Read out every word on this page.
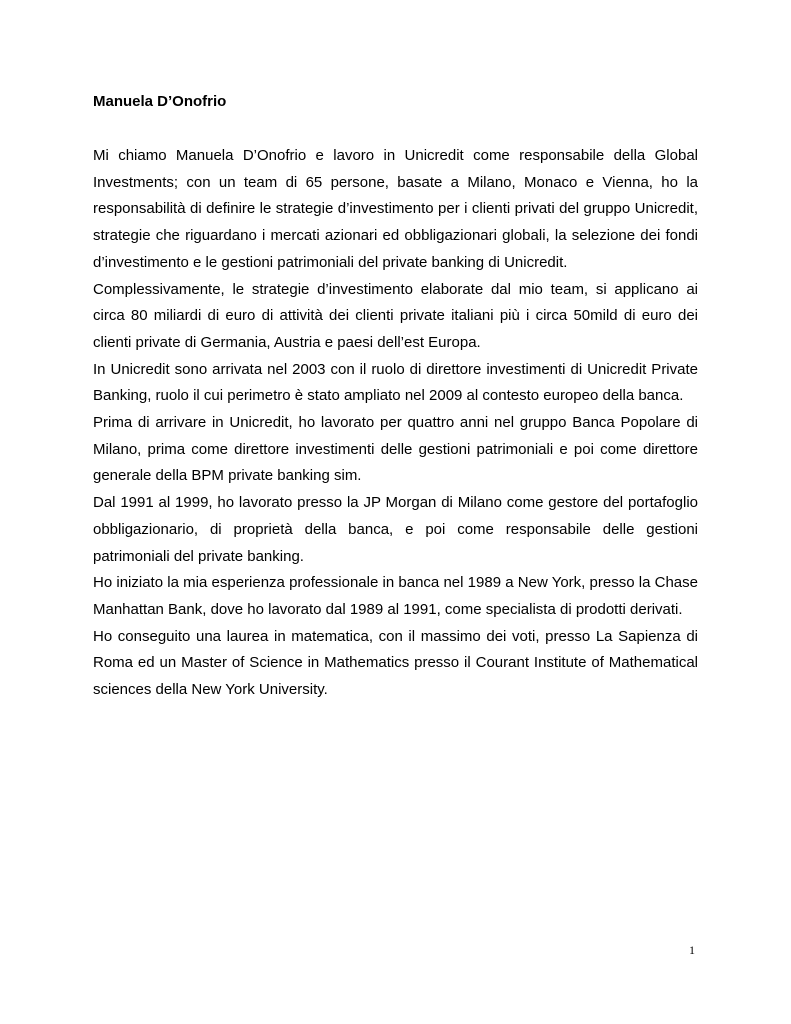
Manuela D’Onofrio

Mi chiamo Manuela D’Onofrio e lavoro in Unicredit come responsabile della Global Investments; con un team di 65 persone, basate a Milano, Monaco e Vienna, ho la responsabilità di definire le strategie d’investimento per i clienti privati del gruppo Unicredit, strategie che riguardano i mercati azionari ed obbligazionari globali, la selezione dei fondi d’investimento e le gestioni patrimoniali del private banking di Unicredit.

Complessivamente, le strategie d’investimento elaborate dal mio team, si applicano ai circa 80 miliardi di euro di attività dei clienti private italiani più i circa 50mild di euro dei clienti private di Germania, Austria e paesi dell’est Europa.

In Unicredit sono arrivata nel 2003 con il ruolo di direttore investimenti di Unicredit Private Banking, ruolo il cui perimetro è stato ampliato nel 2009 al contesto europeo della banca.

Prima di arrivare in Unicredit, ho lavorato per quattro anni nel gruppo Banca Popolare di Milano, prima come direttore investimenti delle gestioni patrimoniali e poi come direttore generale della BPM private banking sim.

Dal 1991 al 1999, ho lavorato presso la JP Morgan di Milano come gestore del portafoglio obbligazionario, di proprietà della banca, e poi come responsabile delle gestioni patrimoniali del private banking.

Ho iniziato la mia esperienza professionale in banca nel 1989 a New York, presso la Chase Manhattan Bank, dove ho lavorato dal 1989 al 1991, come specialista di prodotti derivati.

Ho conseguito una laurea in matematica, con il massimo dei voti, presso La Sapienza di Roma ed un Master of Science in Mathematics presso il Courant Institute of Mathematical sciences della New York University.

1
